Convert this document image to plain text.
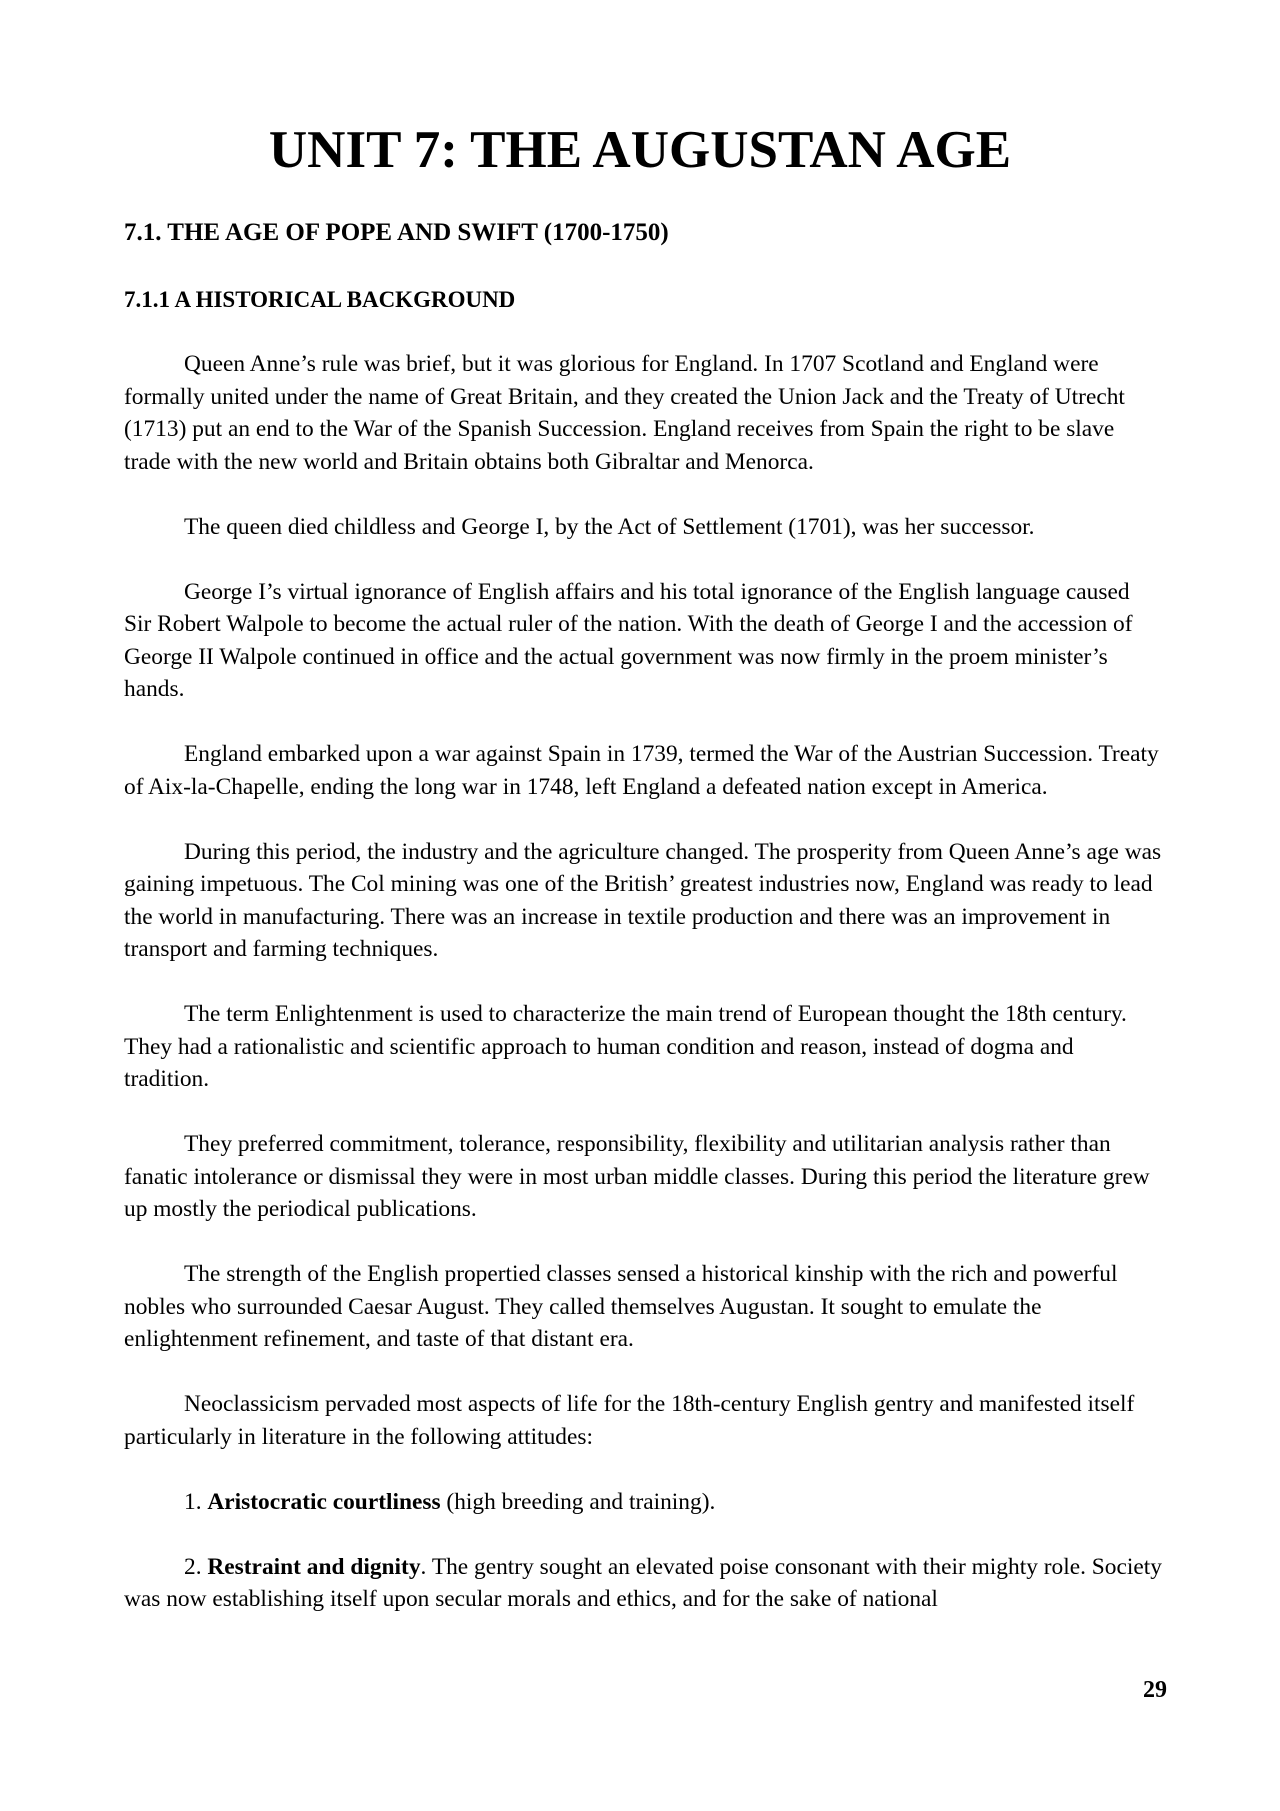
UNIT 7: THE AUGUSTAN AGE
7.1. THE AGE OF POPE AND SWIFT (1700-1750)
7.1.1 A HISTORICAL BACKGROUND

Queen Anne’s rule was brief, but it was glorious for England. In 1707 Scotland and England were formally united under the name of Great Britain, and they created the Union Jack and the Treaty of Utrecht (1713) put an end to the War of the Spanish Succession. England receives from Spain the right to be slave trade with the new world and Britain obtains both Gibraltar and Menorca.

The queen died childless and George I, by the Act of Settlement (1701), was her successor.

George I’s virtual ignorance of English affairs and his total ignorance of the English language caused Sir Robert Walpole to become the actual ruler of the nation. With the death of George I and the accession of George II Walpole continued in office and the actual government was now firmly in the proem minister’s hands.

England embarked upon a war against Spain in 1739, termed the War of the Austrian Succession. Treaty of Aix-la-Chapelle, ending the long war in 1748, left England a defeated nation except in America.

During this period, the industry and the agriculture changed. The prosperity from Queen Anne’s age was gaining impetuous. The Col mining was one of the British’ greatest industries now, England was ready to lead the world in manufacturing. There was an increase in textile production and there was an improvement in transport and farming techniques.

The term Enlightenment is used to characterize the main trend of European thought the 18th century. They had a rationalistic and scientific approach to human condition and reason, instead of dogma and tradition.

They preferred commitment, tolerance, responsibility, flexibility and utilitarian analysis rather than fanatic intolerance or dismissal they were in most urban middle classes. During this period the literature grew up mostly the periodical publications.

The strength of the English propertied classes sensed a historical kinship with the rich and powerful nobles who surrounded Caesar August. They called themselves Augustan. It sought to emulate the enlightenment refinement, and taste of that distant era.

Neoclassicism pervaded most aspects of life for the 18th-century English gentry and manifested itself particularly in literature in the following attitudes:

1. Aristocratic courtliness (high breeding and training).

2. Restraint and dignity. The gentry sought an elevated poise consonant with their mighty role. Society was now establishing itself upon secular morals and ethics, and for the sake of national

29
